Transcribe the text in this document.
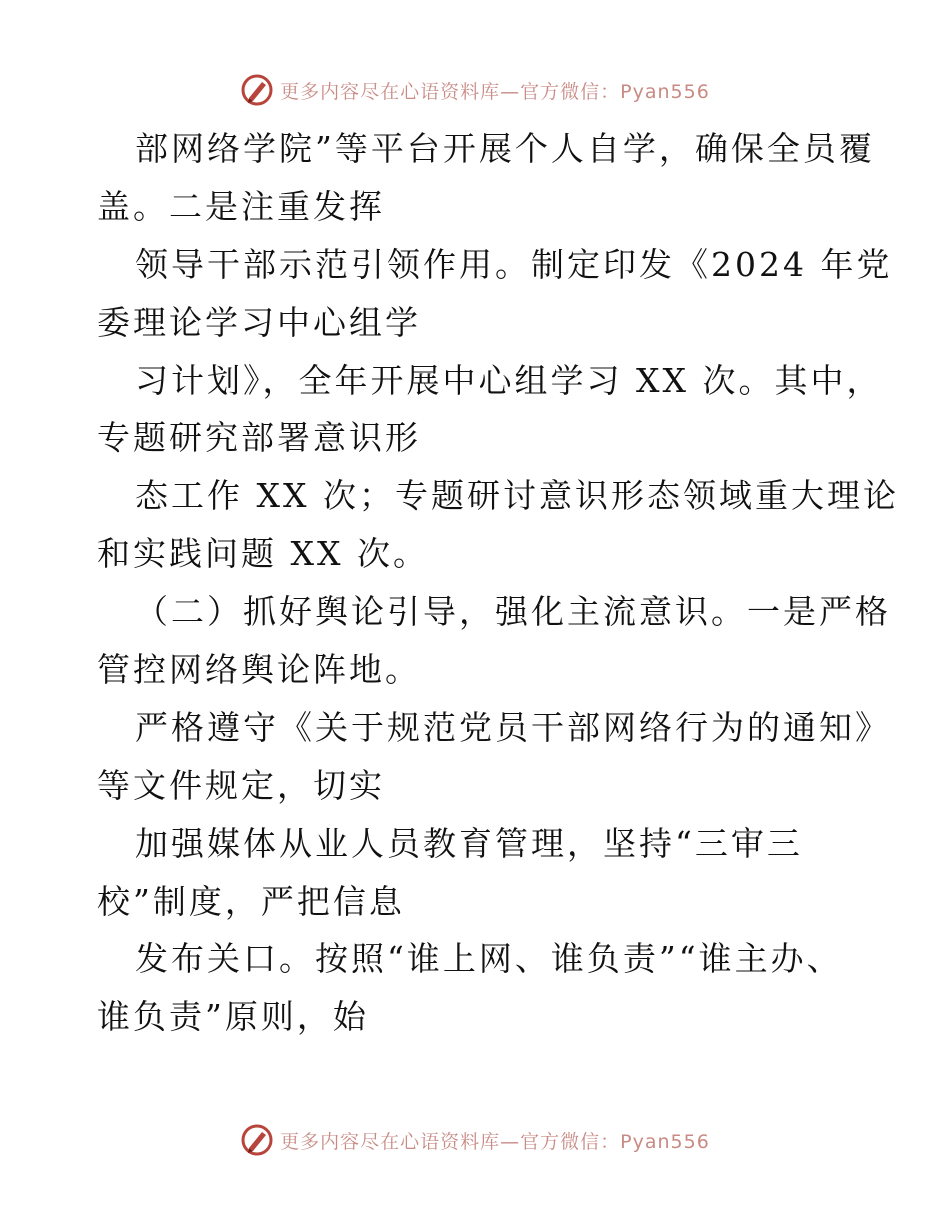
更多内容尽在心语资料库—官方微信：Pyan556
部网络学院”等平台开展个人自学，确保全员覆
盖。二是注重发挥
领导干部示范引领作用。制定印发《2024 年党
委理论学习中心组学
习计划》，全年开展中心组学习 XX 次。其中，
专题研究部署意识形
态工作 XX 次；专题研讨意识形态领域重大理论
和实践问题 XX 次。
（二）抓好舆论引导，强化主流意识。一是严格
管控网络舆论阵地。
严格遵守《关于规范党员干部网络行为的通知》
等文件规定，切实
加强媒体从业人员教育管理，坚持“三审三
校”制度，严把信息
发布关口。按照“谁上网、谁负责”“谁主办、
谁负责”原则，始
更多内容尽在心语资料库—官方微信：Pyan556
